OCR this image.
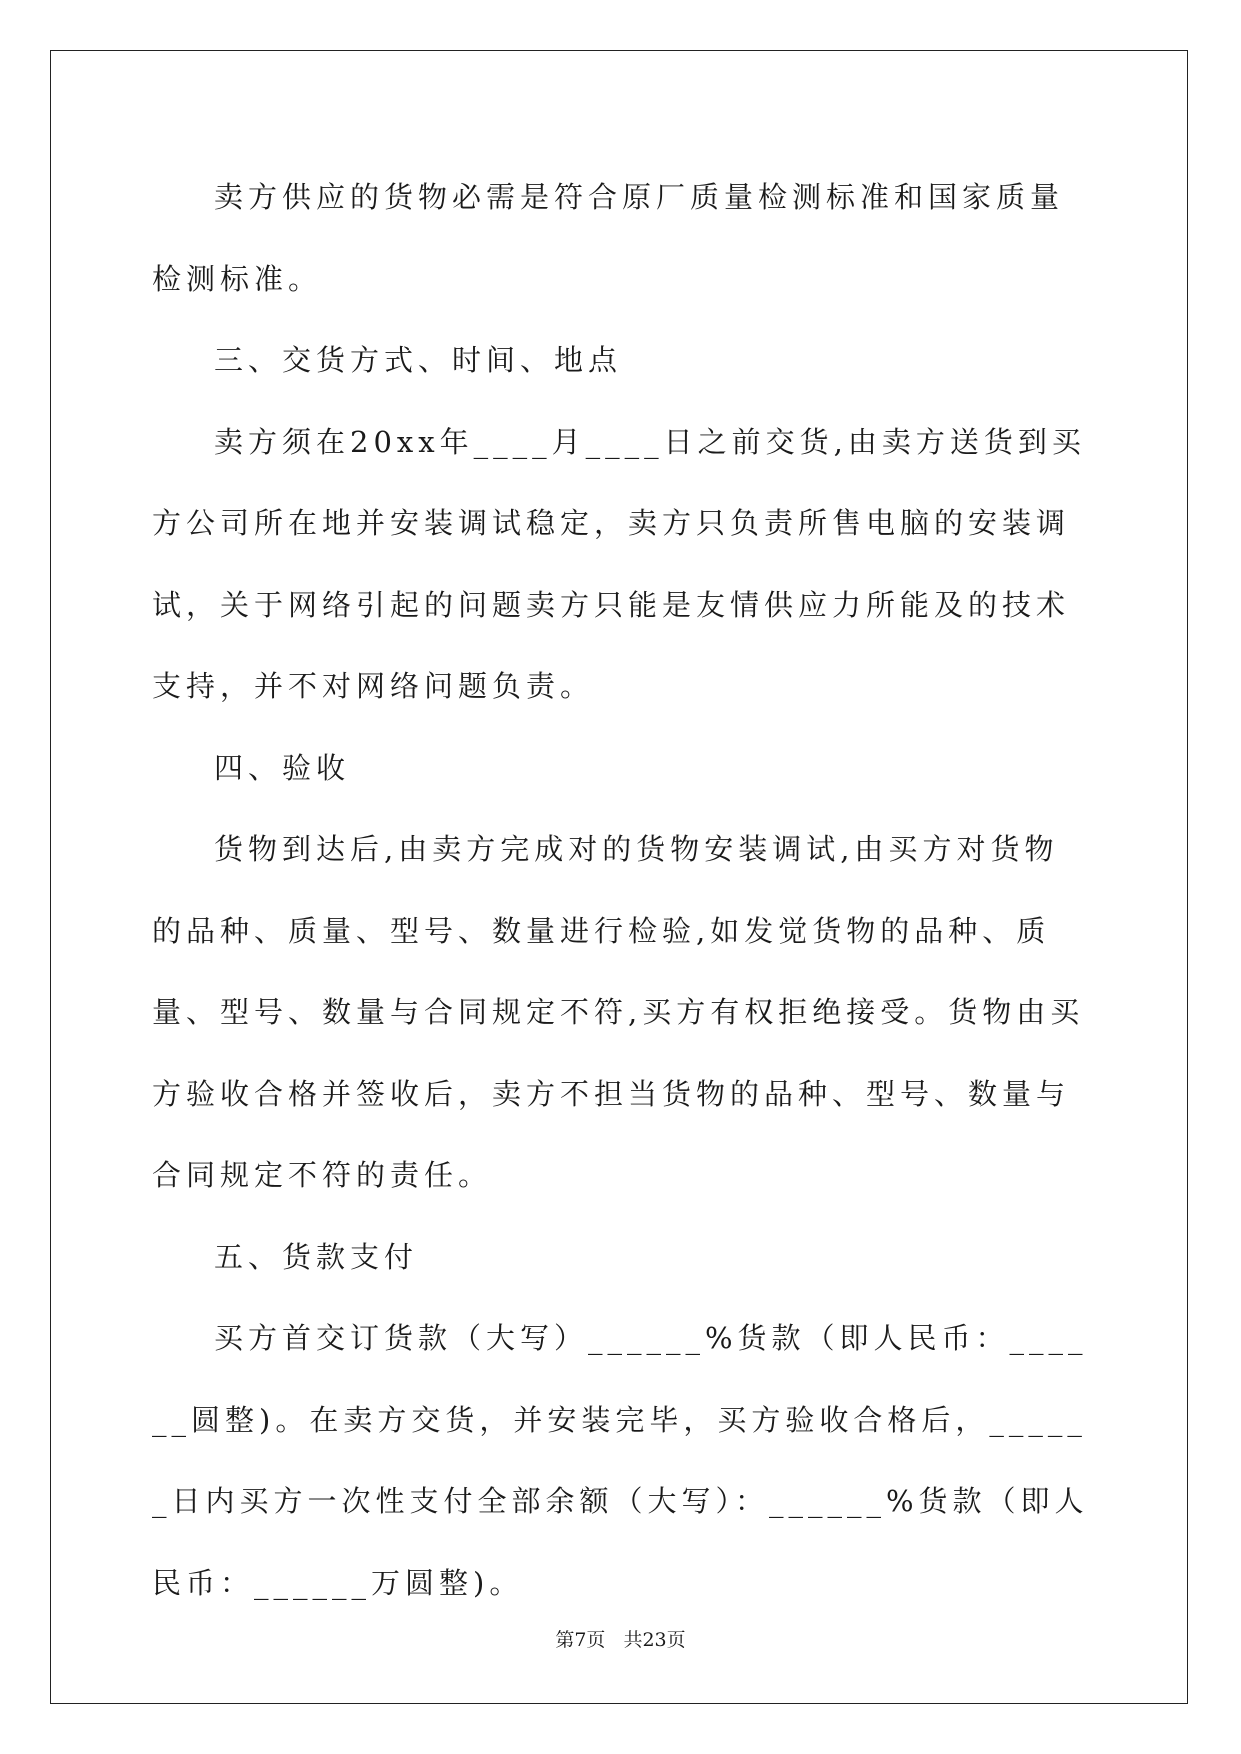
卖方供应的货物必需是符合原厂质量检测标准和国家质量检测标准。

三、交货方式、时间、地点

卖方须在20xx年____月____日之前交货,由卖方送货到买方公司所在地并安装调试稳定，卖方只负责所售电脑的安装调试，关于网络引起的问题卖方只能是友情供应力所能及的技术支持，并不对网络问题负责。

四、验收

货物到达后,由卖方完成对的货物安装调试,由买方对货物的品种、质量、型号、数量进行检验,如发觉货物的品种、质量、型号、数量与合同规定不符,买方有权拒绝接受。货物由买方验收合格并签收后，卖方不担当货物的品种、型号、数量与合同规定不符的责任。

五、货款支付

买方首交订货款（大写）______%货款（即人民币：______圆整)。在卖方交货，并安装完毕，买方验收合格后，______日内买方一次性支付全部余额（大写）：______%货款（即人民币：______万圆整)。

第7页 共23页
